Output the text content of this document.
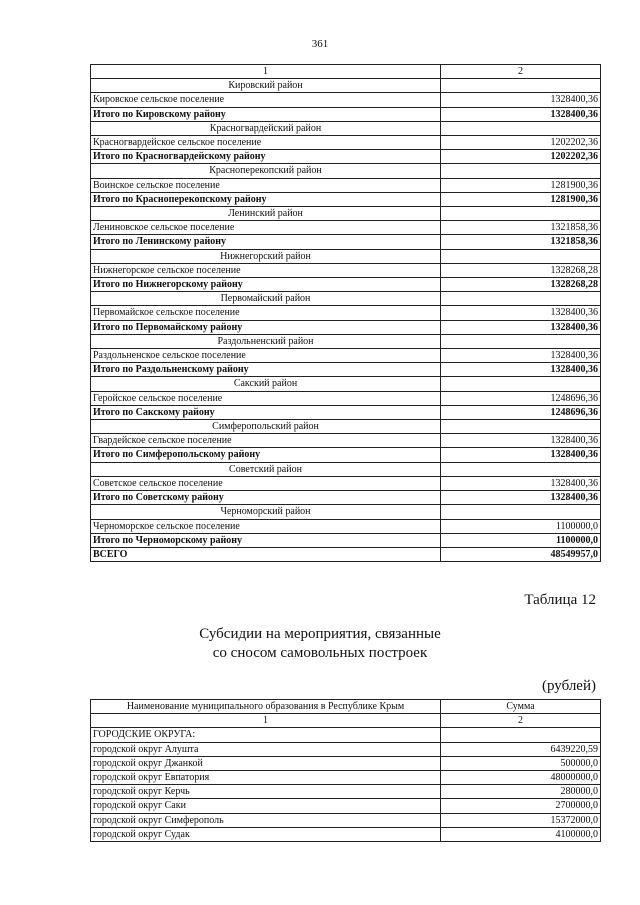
361
1	2
Кировский район	
Кировское сельское поселение	1328400,36
Итого по Кировскому району	1328400,36
Красногвардейский район	
Красногвардейское сельское поселение	1202202,36
Итого по Красногвардейскому району	1202202,36
Красноперекопский район	
Воинское сельское поселение	1281900,36
Итого по Красноперекопскому району	1281900,36
Ленинский район	
Лениновское сельское поселение	1321858,36
Итого по Ленинскому району	1321858,36
Нижнегорский район	
Нижнегорское сельское поселение	1328268,28
Итого по Нижнегорскому району	1328268,28
Первомайский район	
Первомайское сельское поселение	1328400,36
Итого по Первомайскому району	1328400,36
Раздольненский район	
Раздольненское сельское поселение	1328400,36
Итого по Раздольненскому району	1328400,36
Сакский район	
Геройское сельское поселение	1248696,36
Итого по Сакскому району	1248696,36
Симферопольский район	
Гвардейское сельское поселение	1328400,36
Итого по Симферопольскому району	1328400,36
Советский район	
Советское сельское поселение	1328400,36
Итого по Советскому району	1328400,36
Черноморский район	
Черноморское сельское поселение	1100000,0
Итого по Черноморскому району	1100000,0
ВСЕГО	48549957,0
Таблица 12
Субсидии на мероприятия, связанные
со сносом самовольных построек
(рублей)
Наименование муниципального образования в Республике Крым	Сумма
1	2
ГОРОДСКИЕ ОКРУГА:	
городской округ Алушта	6439220,59
городской округ Джанкой	500000,0
городской округ Евпатория	48000000,0
городской округ Керчь	280000,0
городской округ Саки	2700000,0
городской округ Симферополь	15372000,0
городской округ Судак	4100000,0
